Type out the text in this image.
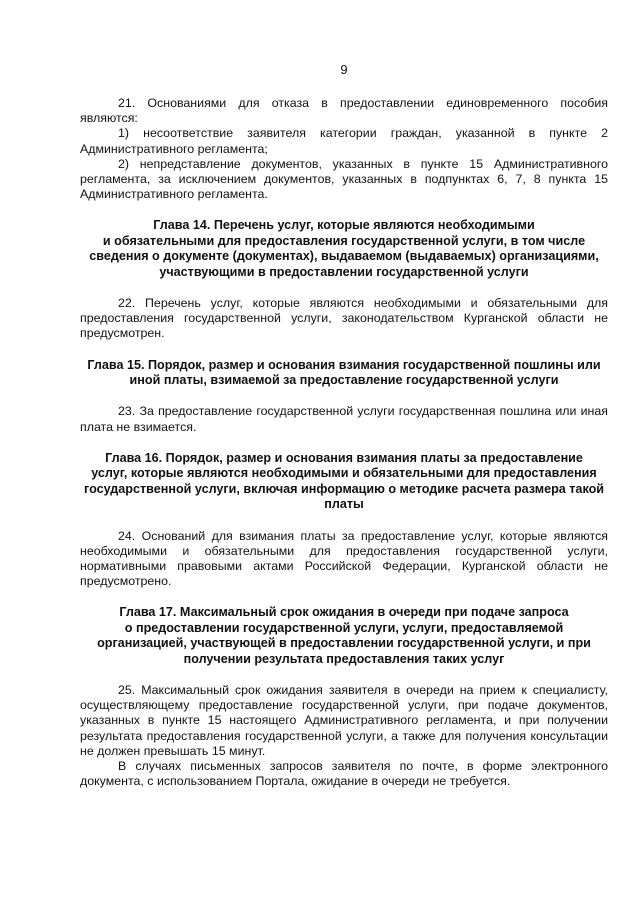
9

21. Основаниями для отказа в предоставлении единовременного пособия являются:

1) несоответствие заявителя категории граждан, указанной в пункте 2 Административного регламента;

2) непредставление документов, указанных в пункте 15 Административного регламента, за исключением документов, указанных в подпунктах 6, 7, 8 пункта 15 Административного регламента.

Глава 14. Перечень услуг, которые являются необходимыми
и обязательными для предоставления государственной услуги, в том числе
сведения о документе (документах), выдаваемом (выдаваемых) организациями,
участвующими в предоставлении государственной услуги

22. Перечень услуг, которые являются необходимыми и обязательными для предоставления государственной услуги, законодательством Курганской области не предусмотрен.

Глава 15. Порядок, размер и основания взимания государственной пошлины или
иной платы, взимаемой за предоставление государственной услуги

23. За предоставление государственной услуги государственная пошлина или иная плата не взимается.

Глава 16. Порядок, размер и основания взимания платы за предоставление
услуг, которые являются необходимыми и обязательными для предоставления
государственной услуги, включая информацию о методике расчета размера такой
платы

24. Оснований для взимания платы за предоставление услуг, которые являются необходимыми и обязательными для предоставления государственной услуги, нормативными правовыми актами Российской Федерации, Курганской области не предусмотрено.

Глава 17. Максимальный срок ожидания в очереди при подаче запроса
о предоставлении государственной услуги, услуги, предоставляемой
организацией, участвующей в предоставлении государственной услуги, и при
получении результата предоставления таких услуг

25. Максимальный срок ожидания заявителя в очереди на прием к специалисту, осуществляющему предоставление государственной услуги, при подаче документов, указанных в пункте 15 настоящего Административного регламента, и при получении результата предоставления государственной услуги, а также для получения консультации не должен превышать 15 минут.

В случаях письменных запросов заявителя по почте, в форме электронного документа, с использованием Портала, ожидание в очереди не требуется.
